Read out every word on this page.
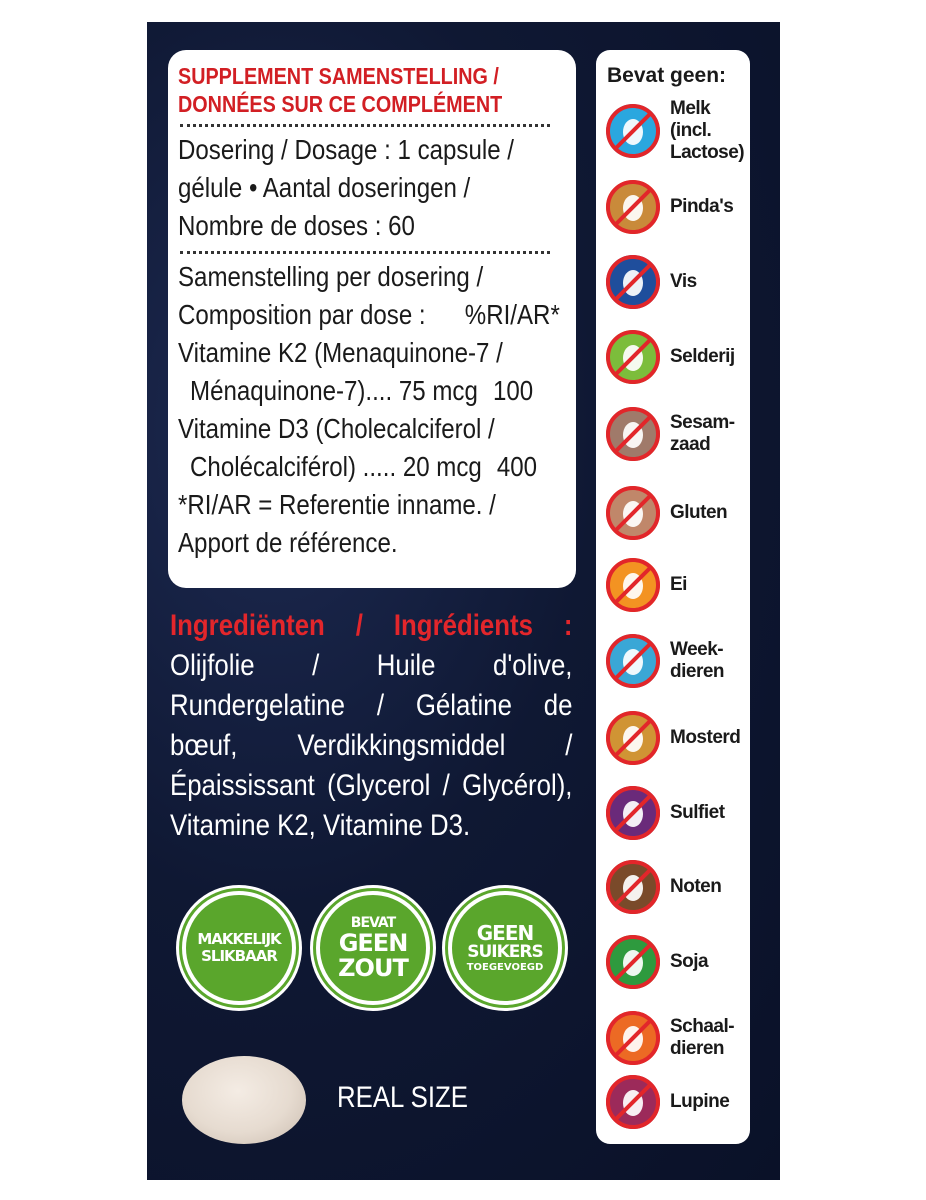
SUPPLEMENT SAMENSTELLING /
DONNÉES SUR CE COMPLÉMENT
Dosering / Dosage : 1 capsule /
gélule • Aantal doseringen /
Nombre de doses : 60
Samenstelling per dosering /
Composition par dose : %RI/AR*
Vitamine K2 (Menaquinone-7 /
Ménaquinone-7).... 75 mcg 100
Vitamine D3 (Cholecalciferol /
Cholécalciférol) ..... 20 mcg 400
*RI/AR = Referentie inname. /
Apport de référence.
Ingrediënten / Ingrédients : Olijfolie / Huile d'olive, Rundergelatine / Gélatine de bœuf, Verdikkingsmiddel / Épaississant (Glycerol / Glycérol), Vitamine K2, Vitamine D3.
MAKKELIJK
SLIKBAAR
BEVAT
GEEN
ZOUT
GEEN
SUIKERS
TOEGEVOEGD
REAL SIZE
Bevat geen:
Melk
(incl.
Lactose)
Pinda's
Vis
Selderij
Sesam-
zaad
Gluten
Ei
Week-
dieren
Mosterd
Sulfiet
Noten
Soja
Schaal-
dieren
Lupine
